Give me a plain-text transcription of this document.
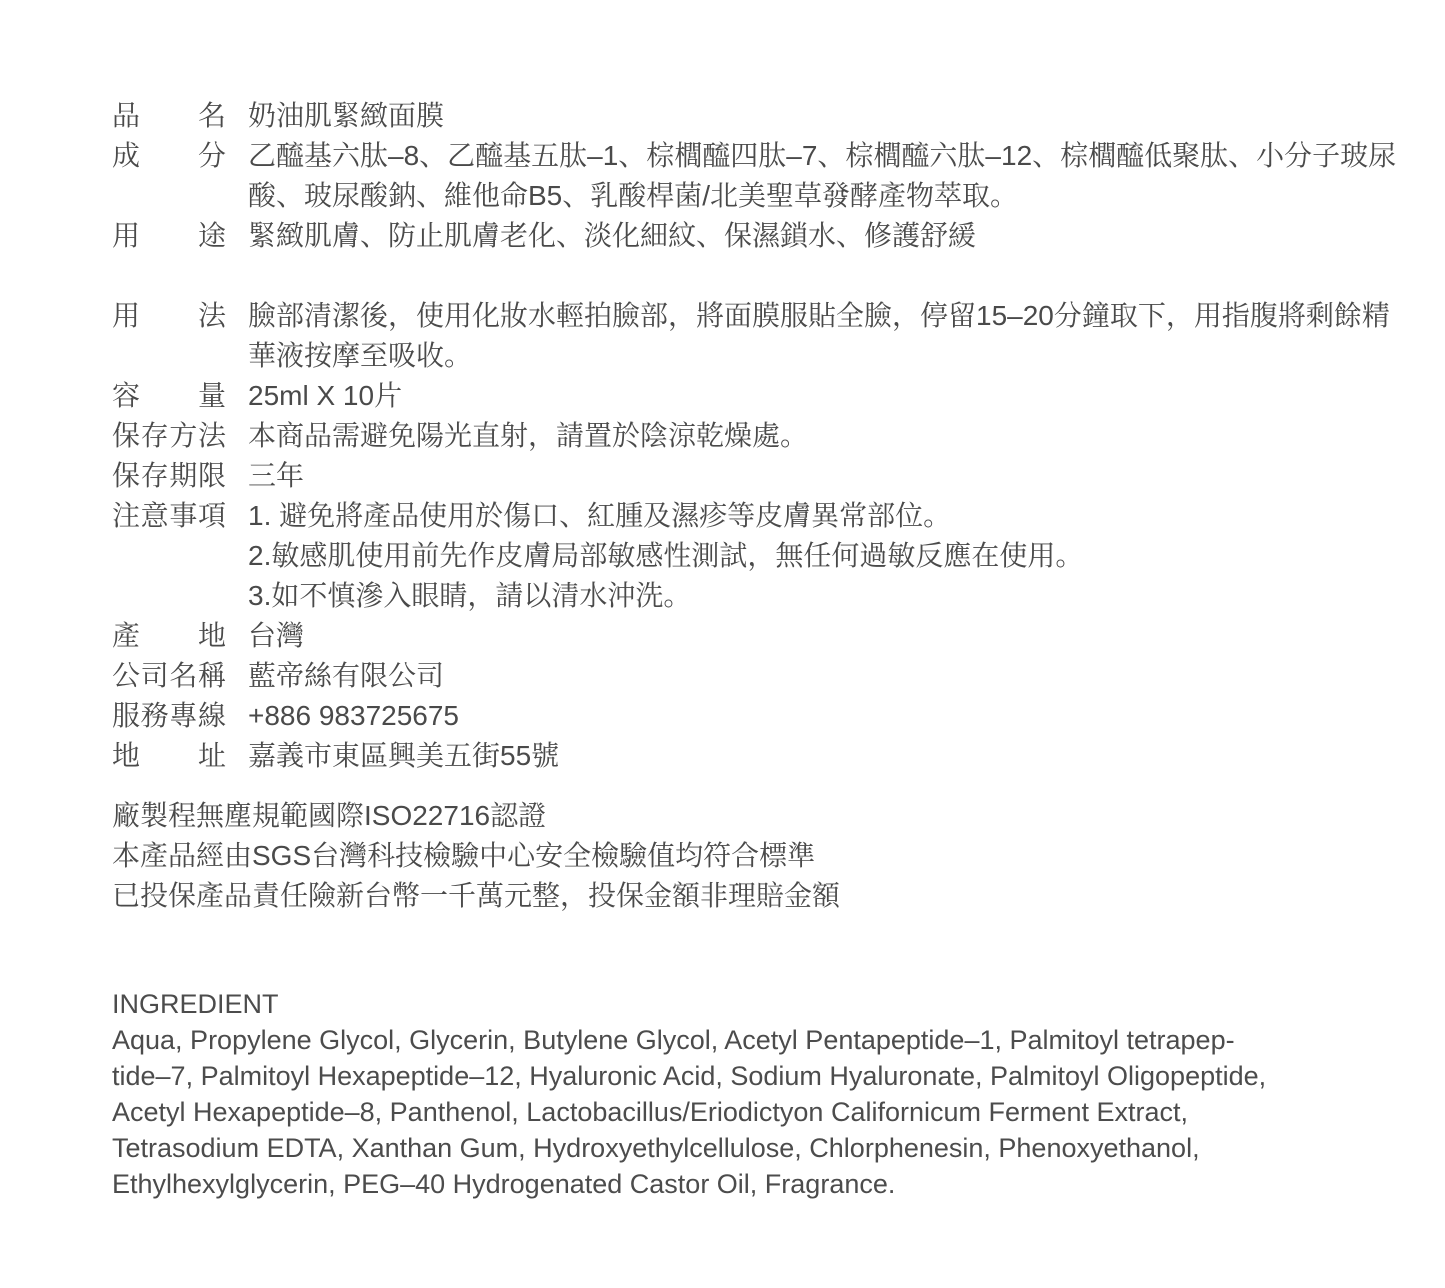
品名 奶油肌緊緻面膜
成分 乙醯基六肽–8、乙醯基五肽–1、棕櫚醯四肽–7、棕櫚醯六肽–12、棕櫚醯低聚肽、小分子玻尿
酸、玻尿酸鈉、維他命B5、乳酸桿菌/北美聖草發酵產物萃取。
用途 緊緻肌膚、防止肌膚老化、淡化細紋、保濕鎖水、修護舒緩
用法 臉部清潔後，使用化妝水輕拍臉部，將面膜服貼全臉，停留15–20分鐘取下，用指腹將剩餘精
華液按摩至吸收。
容量 25ml X 10片
保存方法 本商品需避免陽光直射，請置於陰涼乾燥處。
保存期限 三年
注意事項 1. 避免將產品使用於傷口、紅腫及濕疹等皮膚異常部位。
2.敏感肌使用前先作皮膚局部敏感性測試，無任何過敏反應在使用。
3.如不慎滲入眼睛，請以清水沖洗。
產地 台灣
公司名稱 藍帝絲有限公司
服務專線 +886 983725675
地址 嘉義市東區興美五街55號
廠製程無塵規範國際ISO22716認證
本產品經由SGS台灣科技檢驗中心安全檢驗值均符合標準
已投保產品責任險新台幣一千萬元整，投保金額非理賠金額
INGREDIENT
Aqua, Propylene Glycol, Glycerin, Butylene Glycol, Acetyl Pentapeptide–1, Palmitoyl tetrapep-
tide–7, Palmitoyl Hexapeptide–12, Hyaluronic Acid, Sodium Hyaluronate, Palmitoyl Oligopeptide,
Acetyl Hexapeptide–8, Panthenol, Lactobacillus/Eriodictyon Californicum Ferment Extract,
Tetrasodium EDTA, Xanthan Gum, Hydroxyethylcellulose, Chlorphenesin, Phenoxyethanol,
Ethylhexylglycerin, PEG–40 Hydrogenated Castor Oil, Fragrance.
